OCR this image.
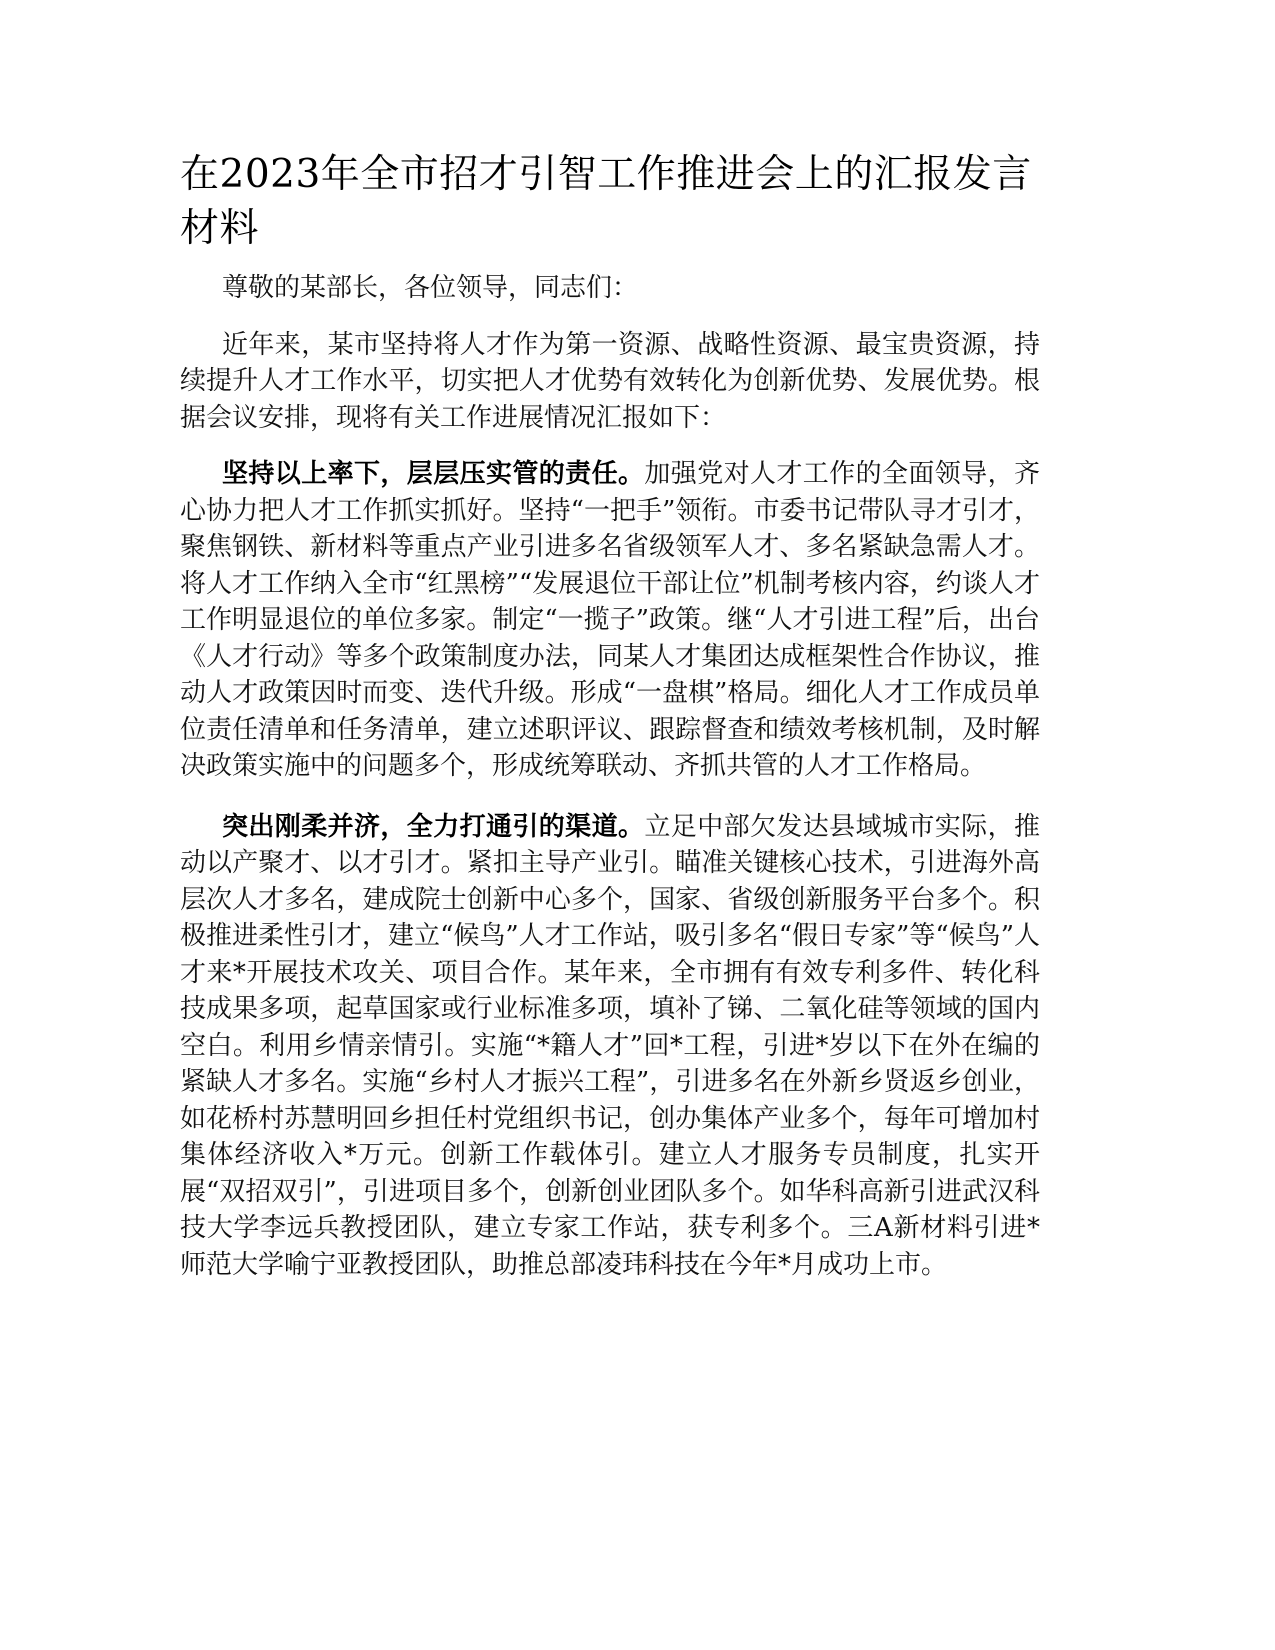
在2023年全市招才引智工作推进会上的汇报发言材料

尊敬的某部长，各位领导，同志们：

近年来，某市坚持将人才作为第一资源、战略性资源、最宝贵资源，持续提升人才工作水平，切实把人才优势有效转化为创新优势、发展优势。根据会议安排，现将有关工作进展情况汇报如下：

坚持以上率下，层层压实管的责任。加强党对人才工作的全面领导，齐心协力把人才工作抓实抓好。坚持“一把手”领衔。市委书记带队寻才引才，聚焦钢铁、新材料等重点产业引进多名省级领军人才、多名紧缺急需人才。将人才工作纳入全市“红黑榜”“发展退位干部让位”机制考核内容，约谈人才工作明显退位的单位多家。制定“一揽子”政策。继“人才引进工程”后，出台《人才行动》等多个政策制度办法，同某人才集团达成框架性合作协议，推动人才政策因时而变、迭代升级。形成“一盘棋”格局。细化人才工作成员单位责任清单和任务清单，建立述职评议、跟踪督查和绩效考核机制，及时解决政策实施中的问题多个，形成统筹联动、齐抓共管的人才工作格局。

突出刚柔并济，全力打通引的渠道。立足中部欠发达县域城市实际，推动以产聚才、以才引才。紧扣主导产业引。瞄准关键核心技术，引进海外高层次人才多名，建成院士创新中心多个，国家、省级创新服务平台多个。积极推进柔性引才，建立“候鸟”人才工作站，吸引多名“假日专家”等“候鸟”人才来*开展技术攻关、项目合作。某年来，全市拥有有效专利多件、转化科技成果多项，起草国家或行业标准多项，填补了锑、二氧化硅等领域的国内空白。利用乡情亲情引。实施“*籍人才”回*工程，引进*岁以下在外在编的紧缺人才多名。实施“乡村人才振兴工程”，引进多名在外新乡贤返乡创业，如花桥村苏慧明回乡担任村党组织书记，创办集体产业多个，每年可增加村集体经济收入*万元。创新工作载体引。建立人才服务专员制度，扎实开展“双招双引”，引进项目多个，创新创业团队多个。如华科高新引进武汉科技大学李远兵教授团队，建立专家工作站，获专利多个。三A新材料引进*师范大学喻宁亚教授团队，助推总部凌玮科技在今年*月成功上市。
